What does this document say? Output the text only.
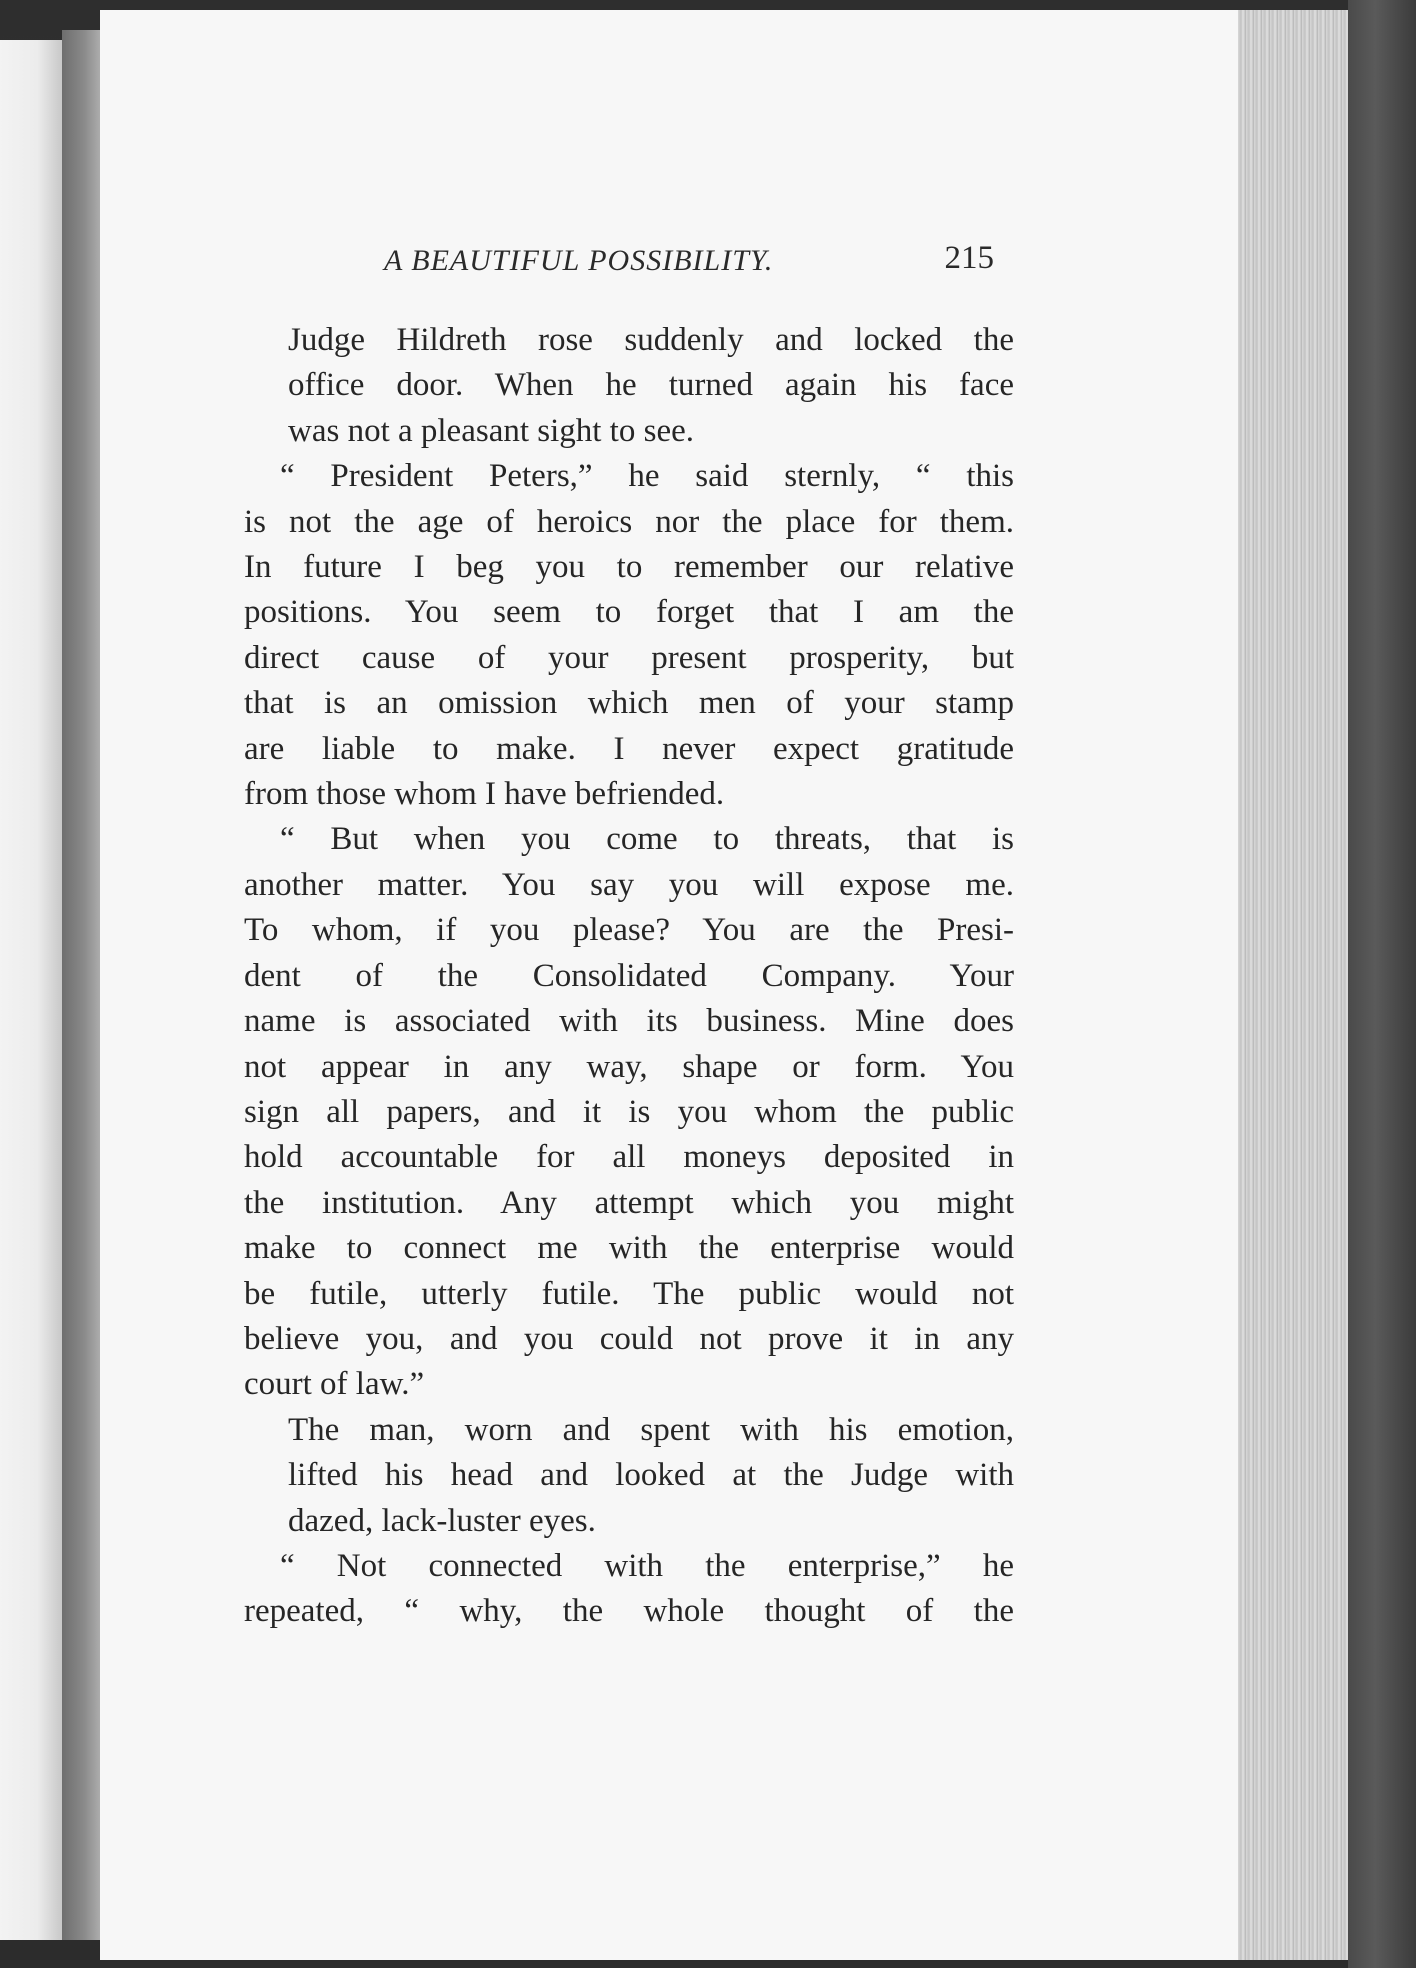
A BEAUTIFUL POSSIBILITY.	215

Judge Hildreth rose suddenly and locked the
office door. When he turned again his face
was not a pleasant sight to see.

“ President Peters,” he said sternly, “ this
is not the age of heroics nor the place for them.
In future I beg you to remember our relative
positions. You seem to forget that I am the
direct cause of your present prosperity, but
that is an omission which men of your stamp
are liable to make. I never expect gratitude
from those whom I have befriended.

“ But when you come to threats, that is
another matter. You say you will expose me.
To whom, if you please? You are the Presi-
dent of the Consolidated Company. Your
name is associated with its business. Mine does
not appear in any way, shape or form. You
sign all papers, and it is you whom the public
hold accountable for all moneys deposited in
the institution. Any attempt which you might
make to connect me with the enterprise would
be futile, utterly futile. The public would not
believe you, and you could not prove it in any
court of law.”

The man, worn and spent with his emotion,
lifted his head and looked at the Judge with
dazed, lack-luster eyes.

“ Not connected with the enterprise,” he
repeated, “ why, the whole thought of the
